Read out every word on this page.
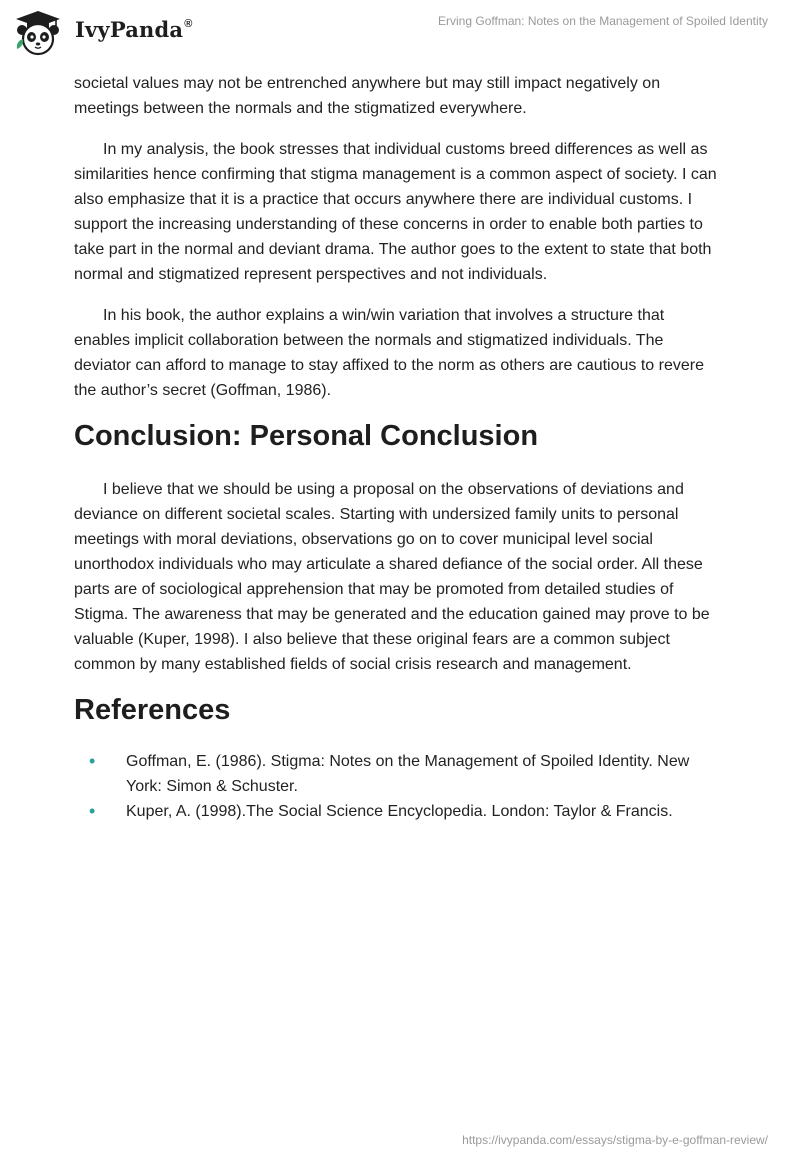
IvyPanda®	Erving Goffman: Notes on the Management of Spoiled Identity

societal values may not be entrenched anywhere but may still impact negatively on meetings between the normals and the stigmatized everywhere.

In my analysis, the book stresses that individual customs breed differences as well as similarities hence confirming that stigma management is a common aspect of society. I can also emphasize that it is a practice that occurs anywhere there are individual customs. I support the increasing understanding of these concerns in order to enable both parties to take part in the normal and deviant drama. The author goes to the extent to state that both normal and stigmatized represent perspectives and not individuals.

In his book, the author explains a win/win variation that involves a structure that enables implicit collaboration between the normals and stigmatized individuals. The deviator can afford to manage to stay affixed to the norm as others are cautious to revere the author’s secret (Goffman, 1986).

Conclusion: Personal Conclusion

I believe that we should be using a proposal on the observations of deviations and deviance on different societal scales. Starting with undersized family units to personal meetings with moral deviations, observations go on to cover municipal level social unorthodox individuals who may articulate a shared defiance of the social order. All these parts are of sociological apprehension that may be promoted from detailed studies of Stigma. The awareness that may be generated and the education gained may prove to be valuable (Kuper, 1998). I also believe that these original fears are a common subject common by many established fields of social crisis research and management.

References
• Goffman, E. (1986). Stigma: Notes on the Management of Spoiled Identity. New York: Simon & Schuster.
• Kuper, A. (1998).The Social Science Encyclopedia. London: Taylor & Francis.
https://ivypanda.com/essays/stigma-by-e-goffman-review/
